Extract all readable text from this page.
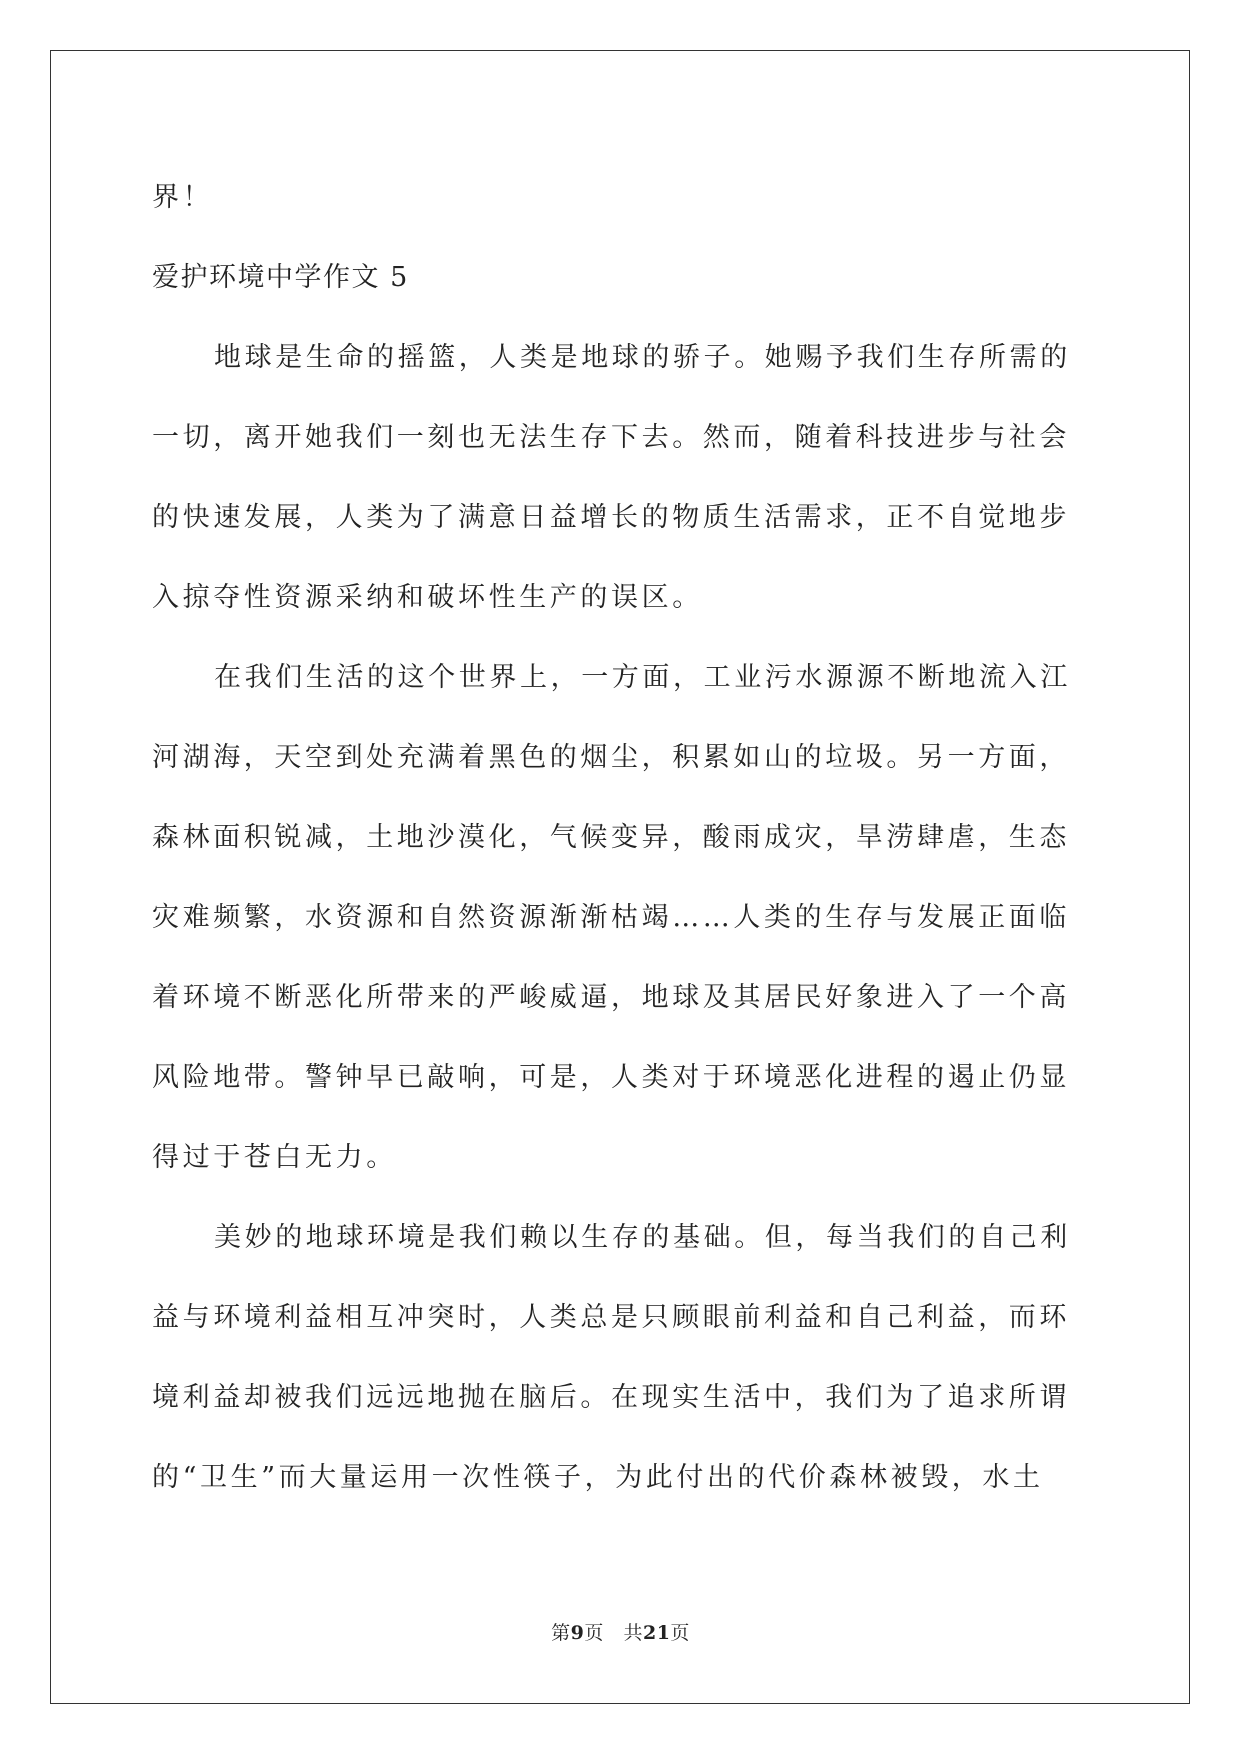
界！
爱护环境中学作文 5
地球是生命的摇篮，人类是地球的骄子。她赐予我们生存所需的
一切，离开她我们一刻也无法生存下去。然而，随着科技进步与社会
的快速发展，人类为了满意日益增长的物质生活需求，正不自觉地步
入掠夺性资源采纳和破坏性生产的误区。
在我们生活的这个世界上，一方面，工业污水源源不断地流入江
河湖海，天空到处充满着黑色的烟尘，积累如山的垃圾。另一方面，
森林面积锐减，土地沙漠化，气候变异，酸雨成灾，旱涝肆虐，生态
灾难频繁，水资源和自然资源渐渐枯竭……人类的生存与发展正面临
着环境不断恶化所带来的严峻威逼，地球及其居民好象进入了一个高
风险地带。警钟早已敲响，可是，人类对于环境恶化进程的遏止仍显
得过于苍白无力。
美妙的地球环境是我们赖以生存的基础。但，每当我们的自己利
益与环境利益相互冲突时，人类总是只顾眼前利益和自己利益，而环
境利益却被我们远远地抛在脑后。在现实生活中，我们为了追求所谓
的“卫生”而大量运用一次性筷子，为此付出的代价森林被毁，水土
第9页 共21页
